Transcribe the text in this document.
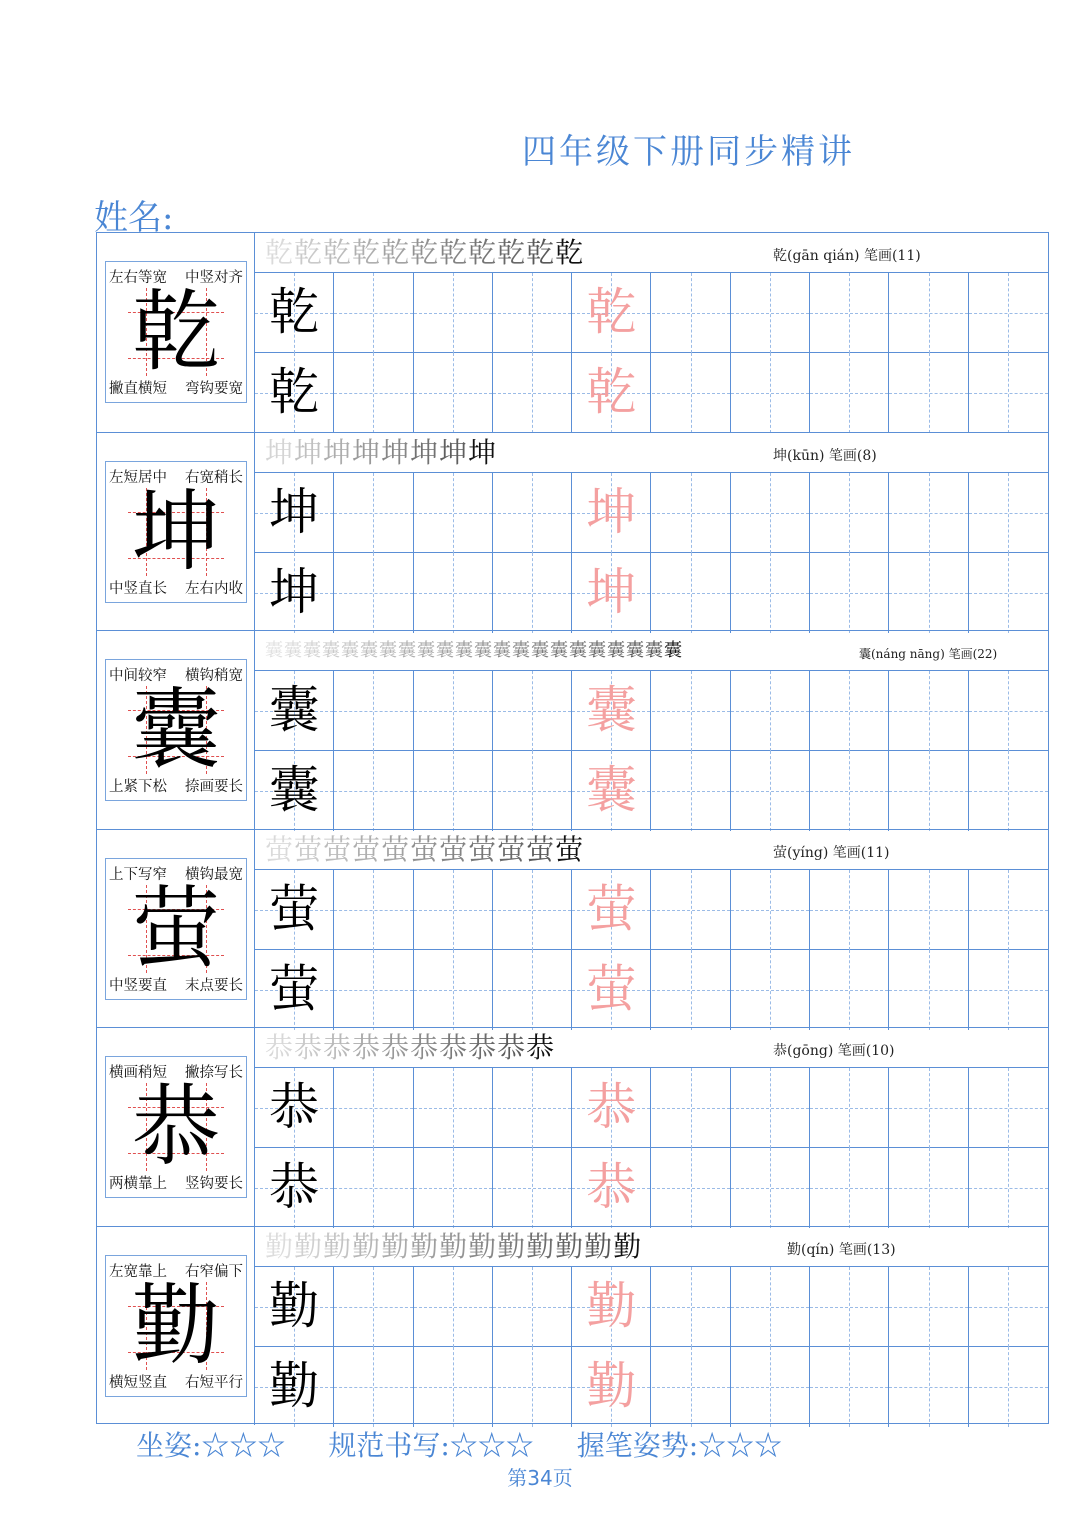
四年级下册同步精讲
姓名:
左右等宽 中竖对齐
撇直横短 弯钩要宽
乾
乾乾乾乾乾乾乾乾乾乾乾	乾(gān qián) 笔画(11)
乾	乾
乾	乾
左短居中 右宽稍长
中竖直长 左右内收
坤
坤坤坤坤坤坤坤坤	坤(kūn) 笔画(8)
坤	坤
坤	坤
中间较窄 横钩稍宽
上紧下松 捺画要长
囊
囊囊囊囊囊囊囊囊囊囊囊囊囊囊囊囊囊囊囊囊囊囊	囊(náng nāng) 笔画(22)
囊	囊
囊	囊
上下写窄 横钩最宽
中竖要直 末点要长
萤
萤萤萤萤萤萤萤萤萤萤萤	萤(yíng) 笔画(11)
萤	萤
萤	萤
横画稍短 撇捺写长
两横靠上 竖钩要长
恭
恭恭恭恭恭恭恭恭恭恭	恭(gōng) 笔画(10)
恭	恭
恭	恭
左宽靠上 右窄偏下
横短竖直 右短平行
勤
勤勤勤勤勤勤勤勤勤勤勤勤勤	勤(qín) 笔画(13)
勤	勤
勤	勤
坐姿:☆☆☆ 规范书写:☆☆☆ 握笔姿势:☆☆☆
第34页
